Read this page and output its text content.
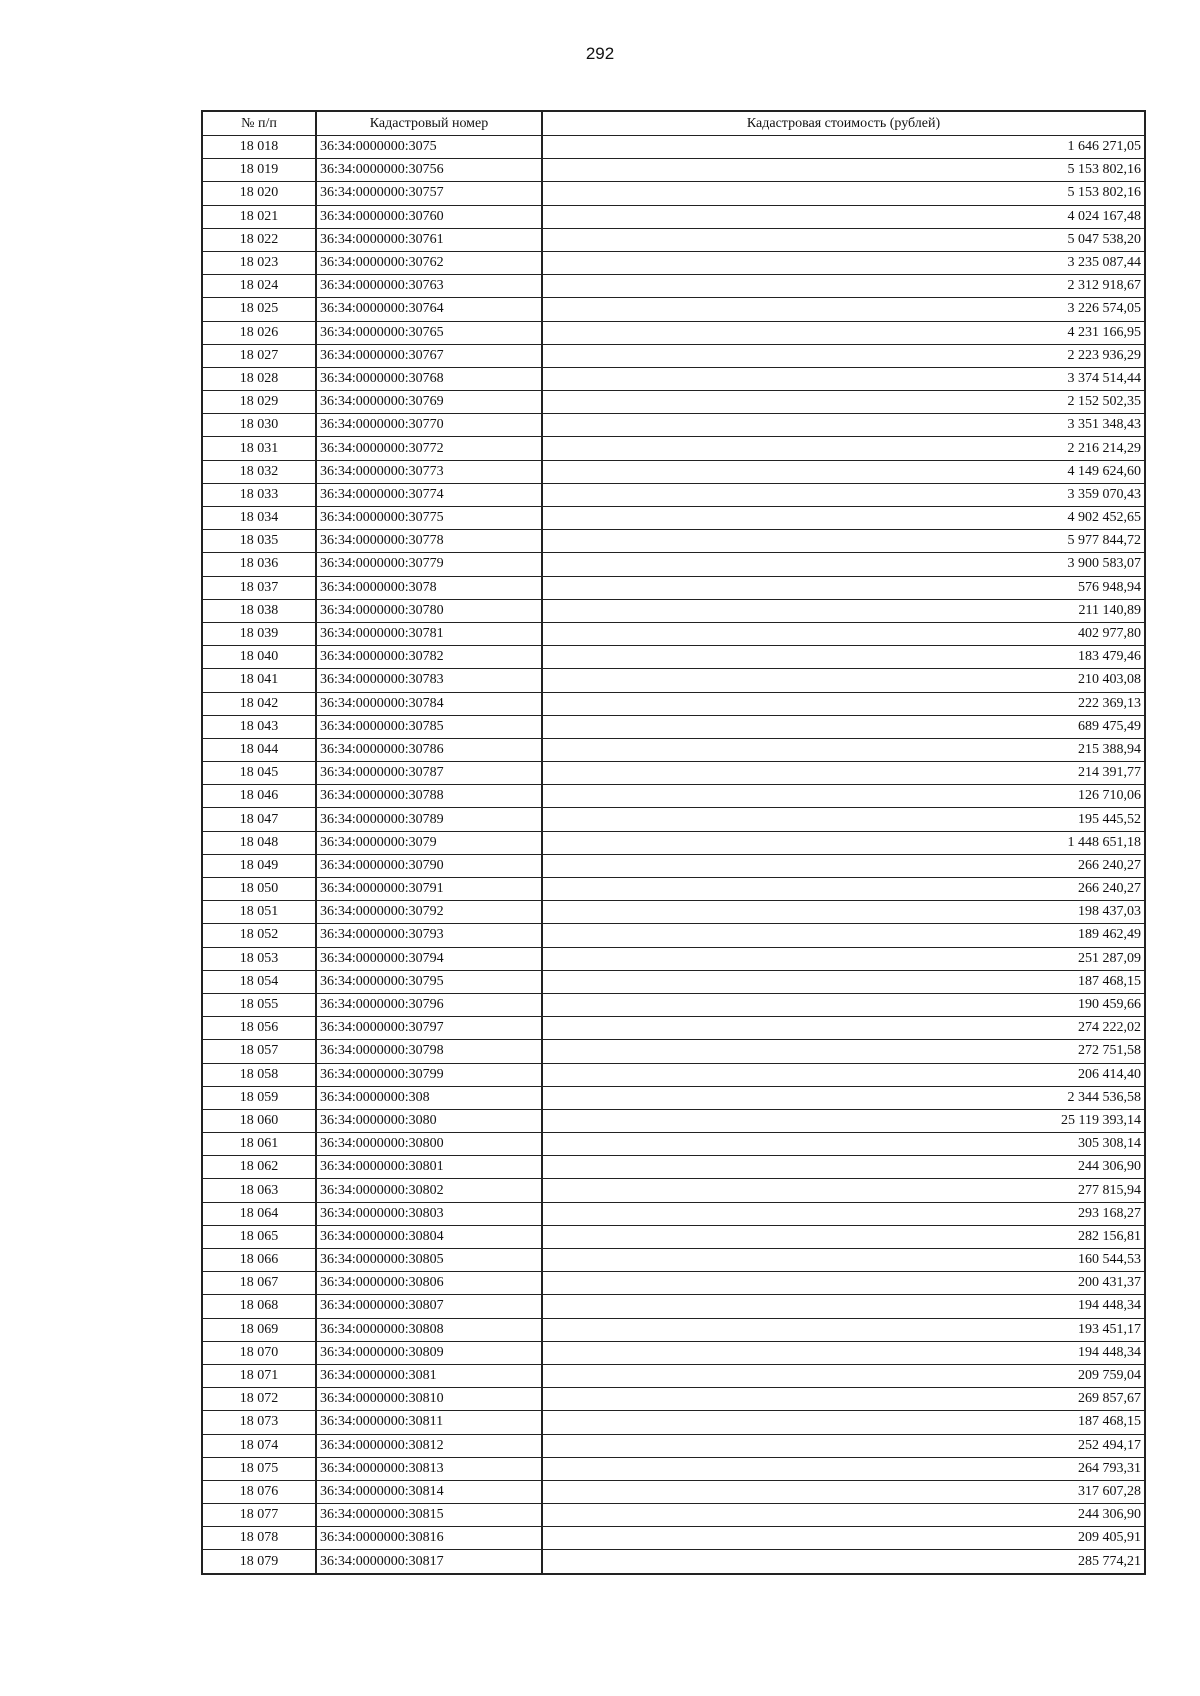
292
№ п/п	Кадастровый номер	Кадастровая стоимость (рублей)
18 018	36:34:0000000:3075	1 646 271,05
18 019	36:34:0000000:30756	5 153 802,16
18 020	36:34:0000000:30757	5 153 802,16
18 021	36:34:0000000:30760	4 024 167,48
18 022	36:34:0000000:30761	5 047 538,20
18 023	36:34:0000000:30762	3 235 087,44
18 024	36:34:0000000:30763	2 312 918,67
18 025	36:34:0000000:30764	3 226 574,05
18 026	36:34:0000000:30765	4 231 166,95
18 027	36:34:0000000:30767	2 223 936,29
18 028	36:34:0000000:30768	3 374 514,44
18 029	36:34:0000000:30769	2 152 502,35
18 030	36:34:0000000:30770	3 351 348,43
18 031	36:34:0000000:30772	2 216 214,29
18 032	36:34:0000000:30773	4 149 624,60
18 033	36:34:0000000:30774	3 359 070,43
18 034	36:34:0000000:30775	4 902 452,65
18 035	36:34:0000000:30778	5 977 844,72
18 036	36:34:0000000:30779	3 900 583,07
18 037	36:34:0000000:3078	576 948,94
18 038	36:34:0000000:30780	211 140,89
18 039	36:34:0000000:30781	402 977,80
18 040	36:34:0000000:30782	183 479,46
18 041	36:34:0000000:30783	210 403,08
18 042	36:34:0000000:30784	222 369,13
18 043	36:34:0000000:30785	689 475,49
18 044	36:34:0000000:30786	215 388,94
18 045	36:34:0000000:30787	214 391,77
18 046	36:34:0000000:30788	126 710,06
18 047	36:34:0000000:30789	195 445,52
18 048	36:34:0000000:3079	1 448 651,18
18 049	36:34:0000000:30790	266 240,27
18 050	36:34:0000000:30791	266 240,27
18 051	36:34:0000000:30792	198 437,03
18 052	36:34:0000000:30793	189 462,49
18 053	36:34:0000000:30794	251 287,09
18 054	36:34:0000000:30795	187 468,15
18 055	36:34:0000000:30796	190 459,66
18 056	36:34:0000000:30797	274 222,02
18 057	36:34:0000000:30798	272 751,58
18 058	36:34:0000000:30799	206 414,40
18 059	36:34:0000000:308	2 344 536,58
18 060	36:34:0000000:3080	25 119 393,14
18 061	36:34:0000000:30800	305 308,14
18 062	36:34:0000000:30801	244 306,90
18 063	36:34:0000000:30802	277 815,94
18 064	36:34:0000000:30803	293 168,27
18 065	36:34:0000000:30804	282 156,81
18 066	36:34:0000000:30805	160 544,53
18 067	36:34:0000000:30806	200 431,37
18 068	36:34:0000000:30807	194 448,34
18 069	36:34:0000000:30808	193 451,17
18 070	36:34:0000000:30809	194 448,34
18 071	36:34:0000000:3081	209 759,04
18 072	36:34:0000000:30810	269 857,67
18 073	36:34:0000000:30811	187 468,15
18 074	36:34:0000000:30812	252 494,17
18 075	36:34:0000000:30813	264 793,31
18 076	36:34:0000000:30814	317 607,28
18 077	36:34:0000000:30815	244 306,90
18 078	36:34:0000000:30816	209 405,91
18 079	36:34:0000000:30817	285 774,21
